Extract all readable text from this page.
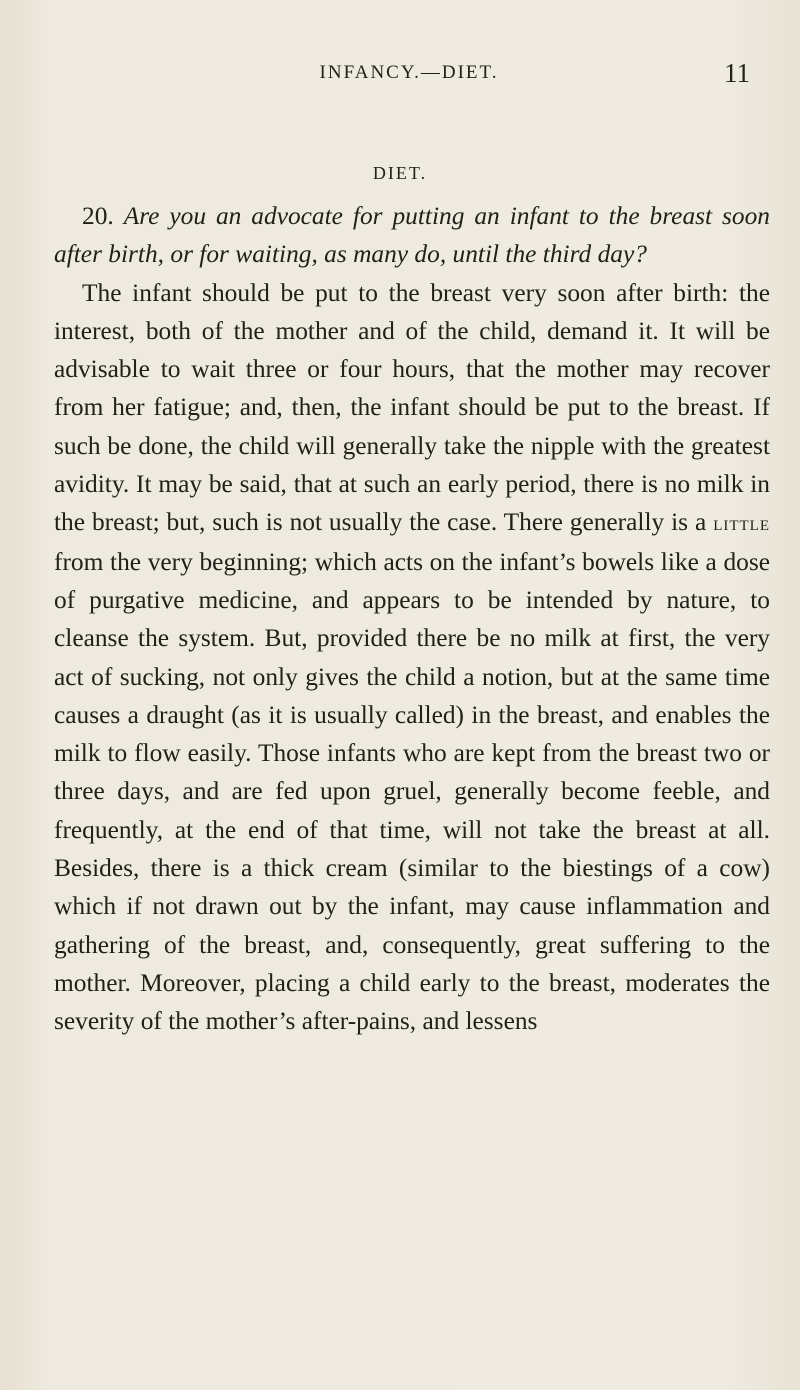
INFANCY.—DIET.	11
DIET.

20. Are you an advocate for putting an infant to the breast soon after birth, or for waiting, as many do, until the third day?

The infant should be put to the breast very soon after birth: the interest, both of the mother and of the child, demand it. It will be advisable to wait three or four hours, that the mother may recover from her fatigue; and, then, the infant should be put to the breast. If such be done, the child will generally take the nipple with the greatest avidity. It may be said, that at such an early period, there is no milk in the breast; but, such is not usually the case. There generally is a little from the very beginning; which acts on the infant’s bowels like a dose of purgative medicine, and appears to be intended by nature, to cleanse the system. But, provided there be no milk at first, the very act of sucking, not only gives the child a notion, but at the same time causes a draught (as it is usually called) in the breast, and enables the milk to flow easily. Those infants who are kept from the breast two or three days, and are fed upon gruel, generally become feeble, and frequently, at the end of that time, will not take the breast at all. Besides, there is a thick cream (similar to the biestings of a cow) which if not drawn out by the infant, may cause inflammation and gathering of the breast, and, consequently, great suffering to the mother. Moreover, placing a child early to the breast, moderates the severity of the mother’s after-pains, and lessens
